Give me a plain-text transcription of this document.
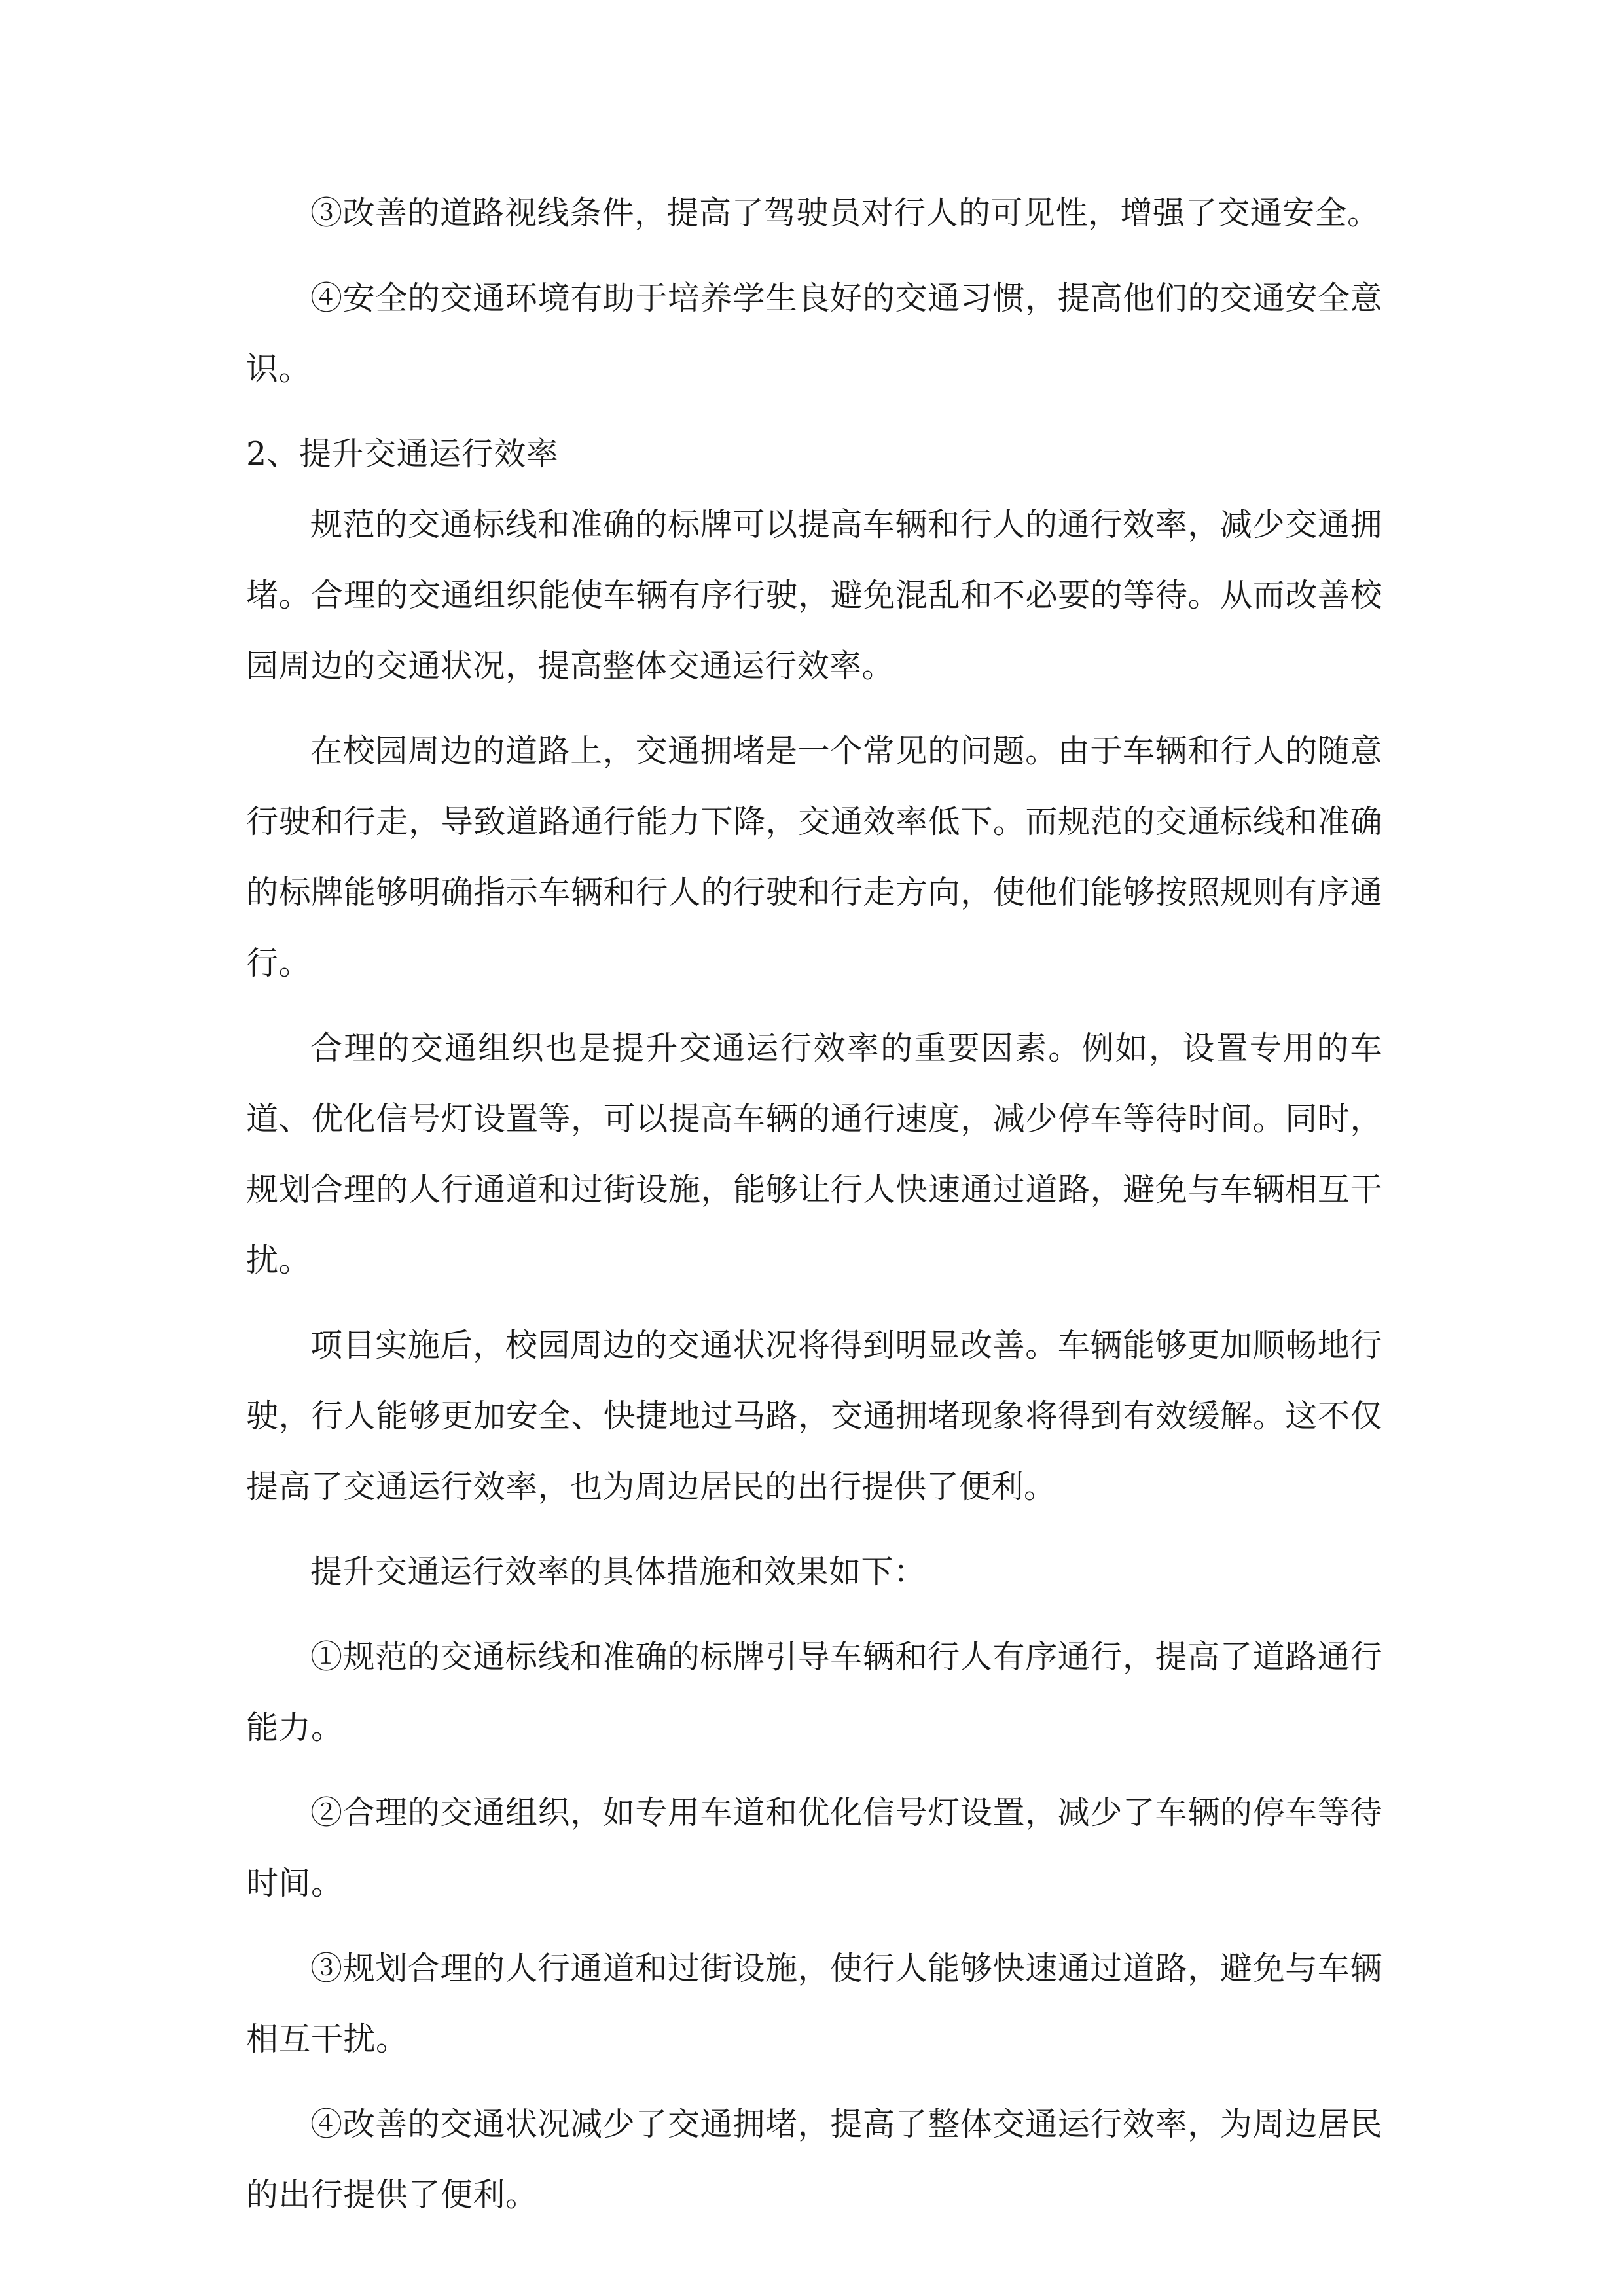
③改善的道路视线条件，提高了驾驶员对行人的可见性，增强了交通安全。

④安全的交通环境有助于培养学生良好的交通习惯，提高他们的交通安全意识。

2、提升交通运行效率

规范的交通标线和准确的标牌可以提高车辆和行人的通行效率，减少交通拥堵。合理的交通组织能使车辆有序行驶，避免混乱和不必要的等待。从而改善校园周边的交通状况，提高整体交通运行效率。

在校园周边的道路上，交通拥堵是一个常见的问题。由于车辆和行人的随意行驶和行走，导致道路通行能力下降，交通效率低下。而规范的交通标线和准确的标牌能够明确指示车辆和行人的行驶和行走方向，使他们能够按照规则有序通行。

合理的交通组织也是提升交通运行效率的重要因素。例如，设置专用的车道、优化信号灯设置等，可以提高车辆的通行速度，减少停车等待时间。同时，规划合理的人行通道和过街设施，能够让行人快速通过道路，避免与车辆相互干扰。

项目实施后，校园周边的交通状况将得到明显改善。车辆能够更加顺畅地行驶，行人能够更加安全、快捷地过马路，交通拥堵现象将得到有效缓解。这不仅提高了交通运行效率，也为周边居民的出行提供了便利。

提升交通运行效率的具体措施和效果如下：

①规范的交通标线和准确的标牌引导车辆和行人有序通行，提高了道路通行能力。

②合理的交通组织，如专用车道和优化信号灯设置，减少了车辆的停车等待时间。

③规划合理的人行通道和过街设施，使行人能够快速通过道路，避免与车辆相互干扰。

④改善的交通状况减少了交通拥堵，提高了整体交通运行效率，为周边居民的出行提供了便利。
